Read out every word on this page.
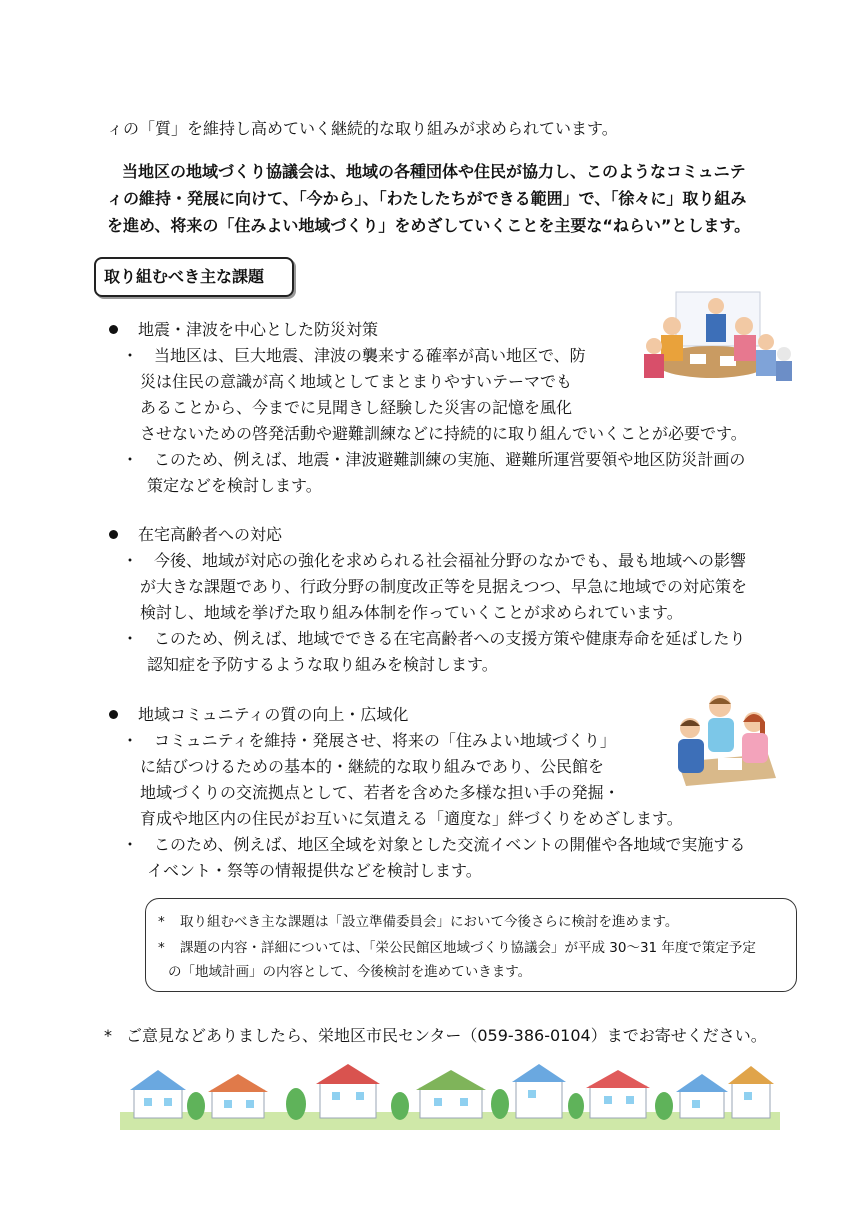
ィの「質」を維持し高めていく継続的な取り組みが求められています。
当地区の地域づくり協議会は、地域の各種団体や住民が協力し、このようなコミュニテ
ィの維持・発展に向けて、「今から」、「わたしたちができる範囲」で、「徐々に」取り組み
を進め、将来の「住みよい地域づくり」をめざしていくことを主要な“ねらい”とします。
取り組むべき主な課題
地震・津波を中心とした防災対策
・ 当地区は、巨大地震、津波の襲来する確率が高い地区で、防
災は住民の意識が高く地域としてまとまりやすいテーマでも
あることから、今までに見聞きし経験した災害の記憶を風化
させないための啓発活動や避難訓練などに持続的に取り組んでいくことが必要です。
・ このため、例えば、地震・津波避難訓練の実施、避難所運営要領や地区防災計画の
策定などを検討します。
在宅高齢者への対応
・ 今後、地域が対応の強化を求められる社会福祉分野のなかでも、最も地域への影響
が大きな課題であり、行政分野の制度改正等を見据えつつ、早急に地域での対応策を
検討し、地域を挙げた取り組み体制を作っていくことが求められています。
・ このため、例えば、地域でできる在宅高齢者への支援方策や健康寿命を延ばしたり
認知症を予防するような取り組みを検討します。
地域コミュニティの質の向上・広域化
・ コミュニティを維持・発展させ、将来の「住みよい地域づくり」
に結びつけるための基本的・継続的な取り組みであり、公民館を
地域づくりの交流拠点として、若者を含めた多様な担い手の発掘・
育成や地区内の住民がお互いに気遣える「適度な」絆づくりをめざします。
・ このため、例えば、地区全域を対象とした交流イベントの開催や各地域で実施する
イベント・祭等の情報提供などを検討します。
* 取り組むべき主な課題は「設立準備委員会」において今後さらに検討を進めます。
* 課題の内容・詳細については、「栄公民館区地域づくり協議会」が平成 30～31 年度で策定予定
の「地域計画」の内容として、今後検討を進めていきます。
* ご意見などありましたら、栄地区市民センター（059-386-0104）までお寄せください。
